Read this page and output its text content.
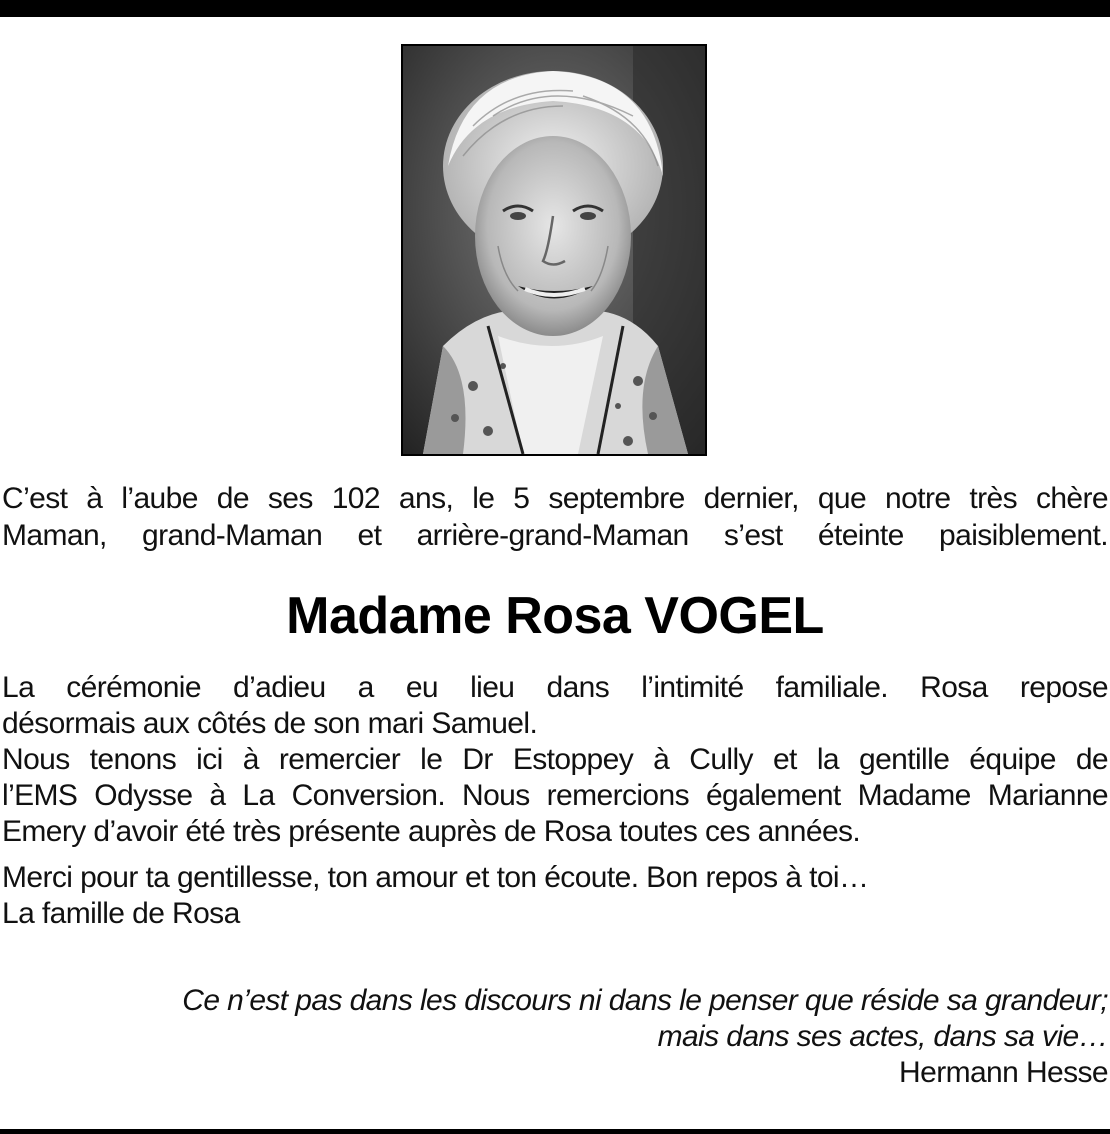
C’est à l’aube de ses 102 ans, le 5 septembre dernier, que notre très chère
Maman, grand-Maman et arrière-grand-Maman s’est éteinte paisiblement.
Madame Rosa VOGEL
La cérémonie d’adieu a eu lieu dans l’intimité familiale. Rosa repose
désormais aux côtés de son mari Samuel.
Nous tenons ici à remercier le Dr Estoppey à Cully et la gentille équipe de
l’EMS Odysse à La Conversion. Nous remercions également Madame Marianne
Emery d’avoir été très présente auprès de Rosa toutes ces années.
Merci pour ta gentillesse, ton amour et ton écoute. Bon repos à toi…
La famille de Rosa
Ce n’est pas dans les discours ni dans le penser que réside sa grandeur;
mais dans ses actes, dans sa vie…
Hermann Hesse
